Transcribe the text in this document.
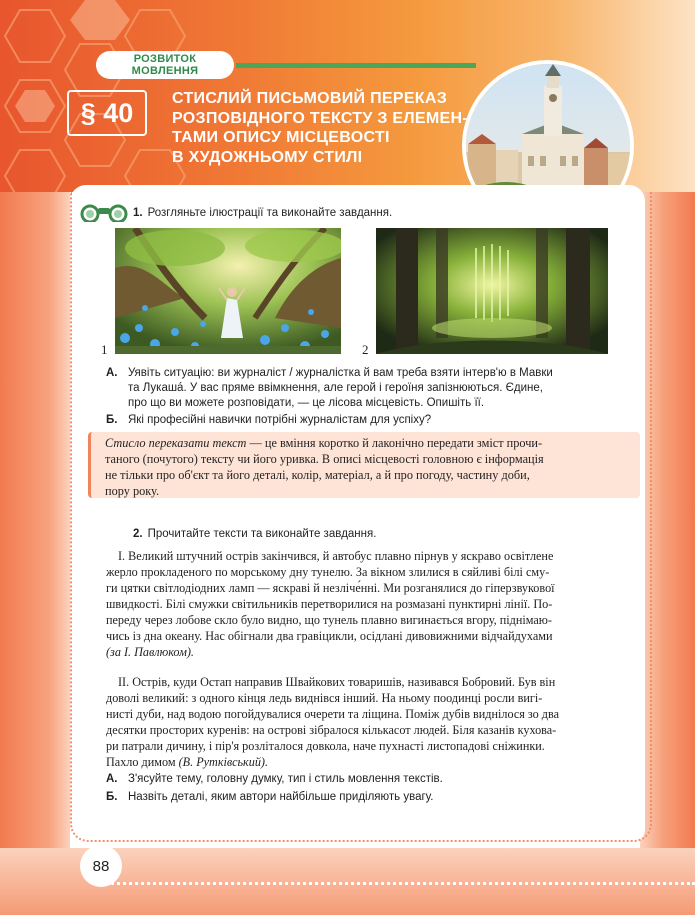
РОЗВИТОК
МОВЛЕННЯ
§ 40 СТИСЛИЙ ПИСЬМОВИЙ ПЕРЕКАЗ
РОЗПОВІДНОГО ТЕКСТУ З ЕЛЕМЕН-
ТАМИ ОПИСУ МІСЦЕВОСТІ
В ХУДОЖНЬОМУ СТИЛІ
88
1. Розгляньте ілюстрації та виконайте завдання.
1	2
А. Уявіть ситуацію: ви журналіст / журналістка й вам треба взяти інтерв'ю в Мавки
та Лукашá. У вас пряме ввімкнення, але герой і героїня запізнюються. Єдине,
про що ви можете розповідати, — це лісова місцевість. Опишіть її.
Б. Які професійні навички потрібні журналістам для успіху?
Стисло переказати текст — це вміння коротко й лаконічно передати зміст прочи-
таного (почутого) тексту чи його уривка. В описі місцевості головною є інформація
не тільки про об'єкт та його деталі, колір, матеріал, а й про погоду, частину доби,
пору року.
2. Прочитайте тексти та виконайте завдання.
І. Великий штучний острів закінчився, й автобус плавно пірнув у яскраво освітлене
жерло прокладеного по морському дну тунелю. За вікном злилися в сяйливі білі сму-
ги цятки світлодіодних ламп — яскраві й незліче́нні. Ми розганялися до гіперзвукової
швидкості. Білі смужки світильників перетворилися на розмазані пунктирні лінії. По-
переду через лобове скло було видно, що тунель плавно вигинається вгору, піднімаю-
чись із дна океану. Нас обігнали два гравіцикли, осідлані дивовижними відчайдухами
(за І. Павлюком).
ІІ. Острів, куди Остап направив Швайкових товаришів, називався Бобровий. Був він
доволі великий: з одного кінця ледь виднівся інший. На ньому поодинці росли вигі-
нисті дуби, над водою погойдувалися очерети та ліщина. Поміж дубів виднілося зо два
десятки просторих куренів: на острові зібралося кількасот людей. Біля казанів кухова-
ри патрали дичину, і пір'я розліталося довкола, наче пухнасті листопадові сніжинки.
Пахло димом (В. Рутківський).
А. З'ясуйте тему, головну думку, тип і стиль мовлення текстів.
Б. Назвіть деталі, яким автори найбільше приділяють увагу.
